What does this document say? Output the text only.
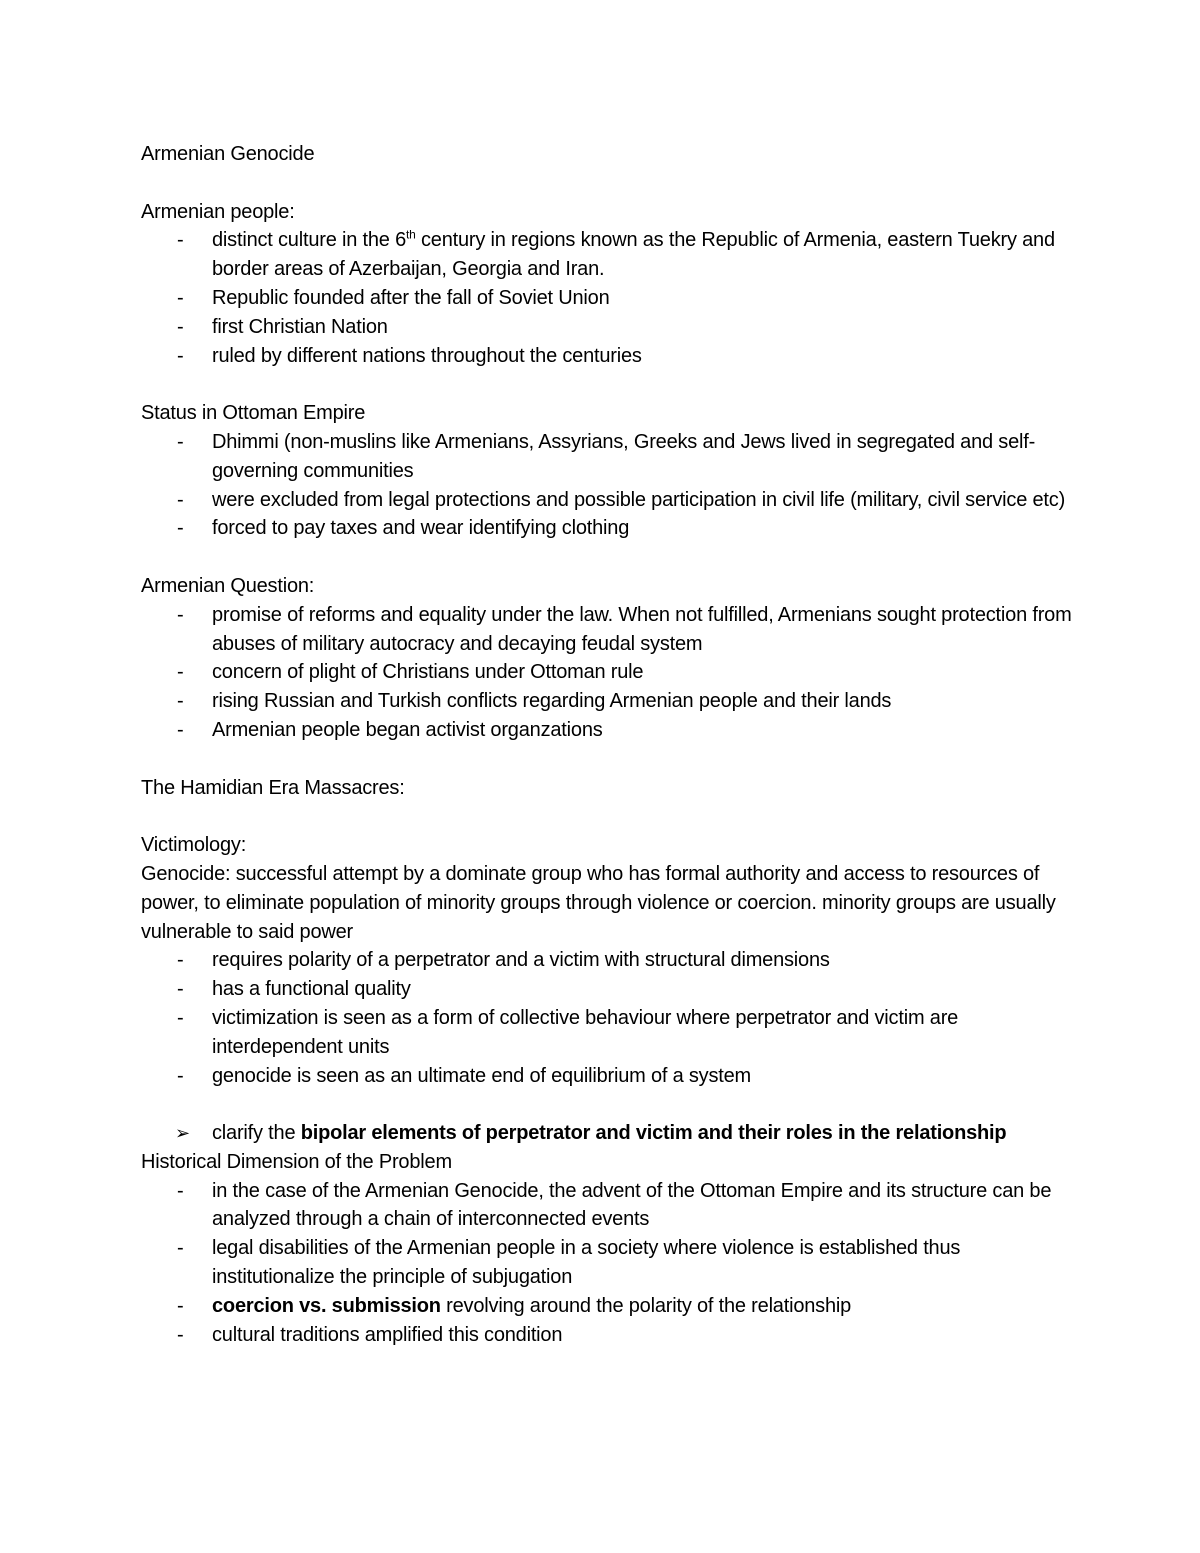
Armenian Genocide
Armenian people:
- distinct culture in the 6th century in regions known as the Republic of Armenia, eastern Tuekry and border areas of Azerbaijan, Georgia and Iran.
- Republic founded after the fall of Soviet Union
- first Christian Nation
- ruled by different nations throughout the centuries
Status in Ottoman Empire
- Dhimmi (non-muslins like Armenians, Assyrians, Greeks and Jews lived in segregated and self-governing communities
- were excluded from legal protections and possible participation in civil life (military, civil service etc)
- forced to pay taxes and wear identifying clothing
Armenian Question:
- promise of reforms and equality under the law. When not fulfilled, Armenians sought protection from abuses of military autocracy and decaying feudal system
- concern of plight of Christians under Ottoman rule
- rising Russian and Turkish conflicts regarding Armenian people and their lands
- Armenian people began activist organzations
The Hamidian Era Massacres:
Victimology:
Genocide: successful attempt by a dominate group who has formal authority and access to resources of power, to eliminate population of minority groups through violence or coercion. minority groups are usually vulnerable to said power
- requires polarity of a perpetrator and a victim with structural dimensions
- has a functional quality
- victimization is seen as a form of collective behaviour where perpetrator and victim are interdependent units
- genocide is seen as an ultimate end of equilibrium of a system
➢ clarify the bipolar elements of perpetrator and victim and their roles in the relationship
Historical Dimension of the Problem
- in the case of the Armenian Genocide, the advent of the Ottoman Empire and its structure can be analyzed through a chain of interconnected events
- legal disabilities of the Armenian people in a society where violence is established thus institutionalize the principle of subjugation
- coercion vs. submission revolving around the polarity of the relationship
- cultural traditions amplified this condition
